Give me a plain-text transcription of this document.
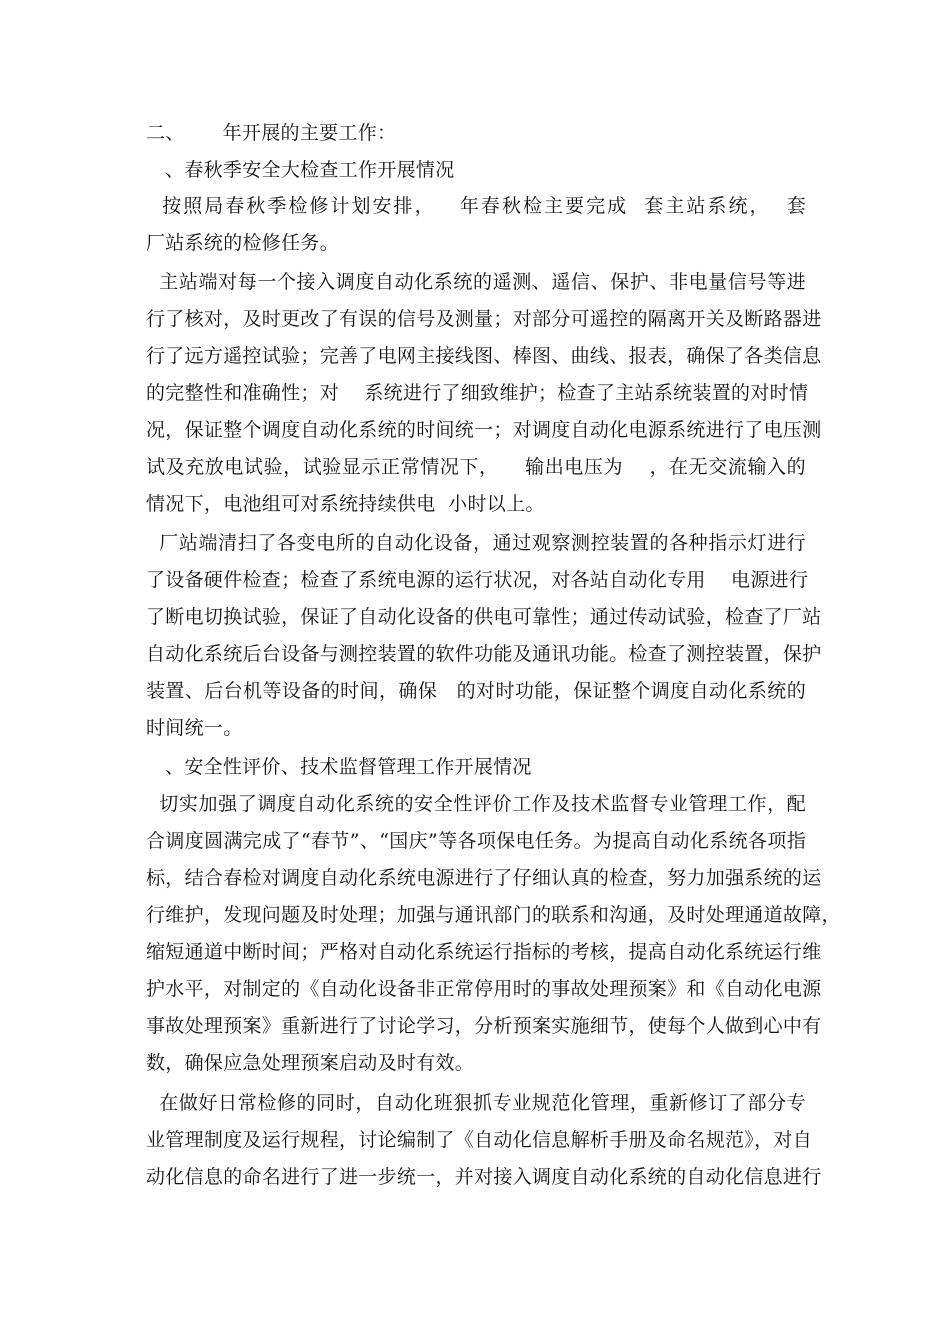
二、      年开展的主要工作：
、春秋季安全大检查工作开展情况
按照局春秋季检修计划安排，   年春秋检主要完成  套主站系统，  套
厂站系统的检修任务。
主站端对每一个接入调度自动化系统的遥测、遥信、保护、非电量信号等进
行了核对，及时更改了有误的信号及测量；对部分可遥控的隔离开关及断路器进
行了远方遥控试验；完善了电网主接线图、棒图、曲线、报表，确保了各类信息
的完整性和准确性；对    系统进行了细致维护；检查了主站系统装置的对时情
况，保证整个调度自动化系统的时间统一；对调度自动化电源系统进行了电压测
试及充放电试验，试验显示正常情况下，    输出电压为    ，在无交流输入的
情况下，电池组可对系统持续供电  小时以上。
厂站端清扫了各变电所的自动化设备，通过观察测控装置的各种指示灯进行
了设备硬件检查；检查了系统电源的运行状况，对各站自动化专用    电源进行
了断电切换试验，保证了自动化设备的供电可靠性；通过传动试验，检查了厂站
自动化系统后台设备与测控装置的软件功能及通讯功能。检查了测控装置，保护
装置、后台机等设备的时间，确保   的对时功能，保证整个调度自动化系统的
时间统一。
、安全性评价、技术监督管理工作开展情况
切实加强了调度自动化系统的安全性评价工作及技术监督专业管理工作，配
合调度圆满完成了“春节”、“国庆”等各项保电任务。为提高自动化系统各项指
标，结合春检对调度自动化系统电源进行了仔细认真的检查，努力加强系统的运
行维护，发现问题及时处理；加强与通讯部门的联系和沟通，及时处理通道故障，
缩短通道中断时间；严格对自动化系统运行指标的考核，提高自动化系统运行维
护水平，对制定的《自动化设备非正常停用时的事故处理预案》和《自动化电源
事故处理预案》重新进行了讨论学习，分析预案实施细节，使每个人做到心中有
数，确保应急处理预案启动及时有效。
在做好日常检修的同时，自动化班狠抓专业规范化管理，重新修订了部分专
业管理制度及运行规程，讨论编制了《自动化信息解析手册及命名规范》，对自
动化信息的命名进行了进一步统一，并对接入调度自动化系统的自动化信息进行
